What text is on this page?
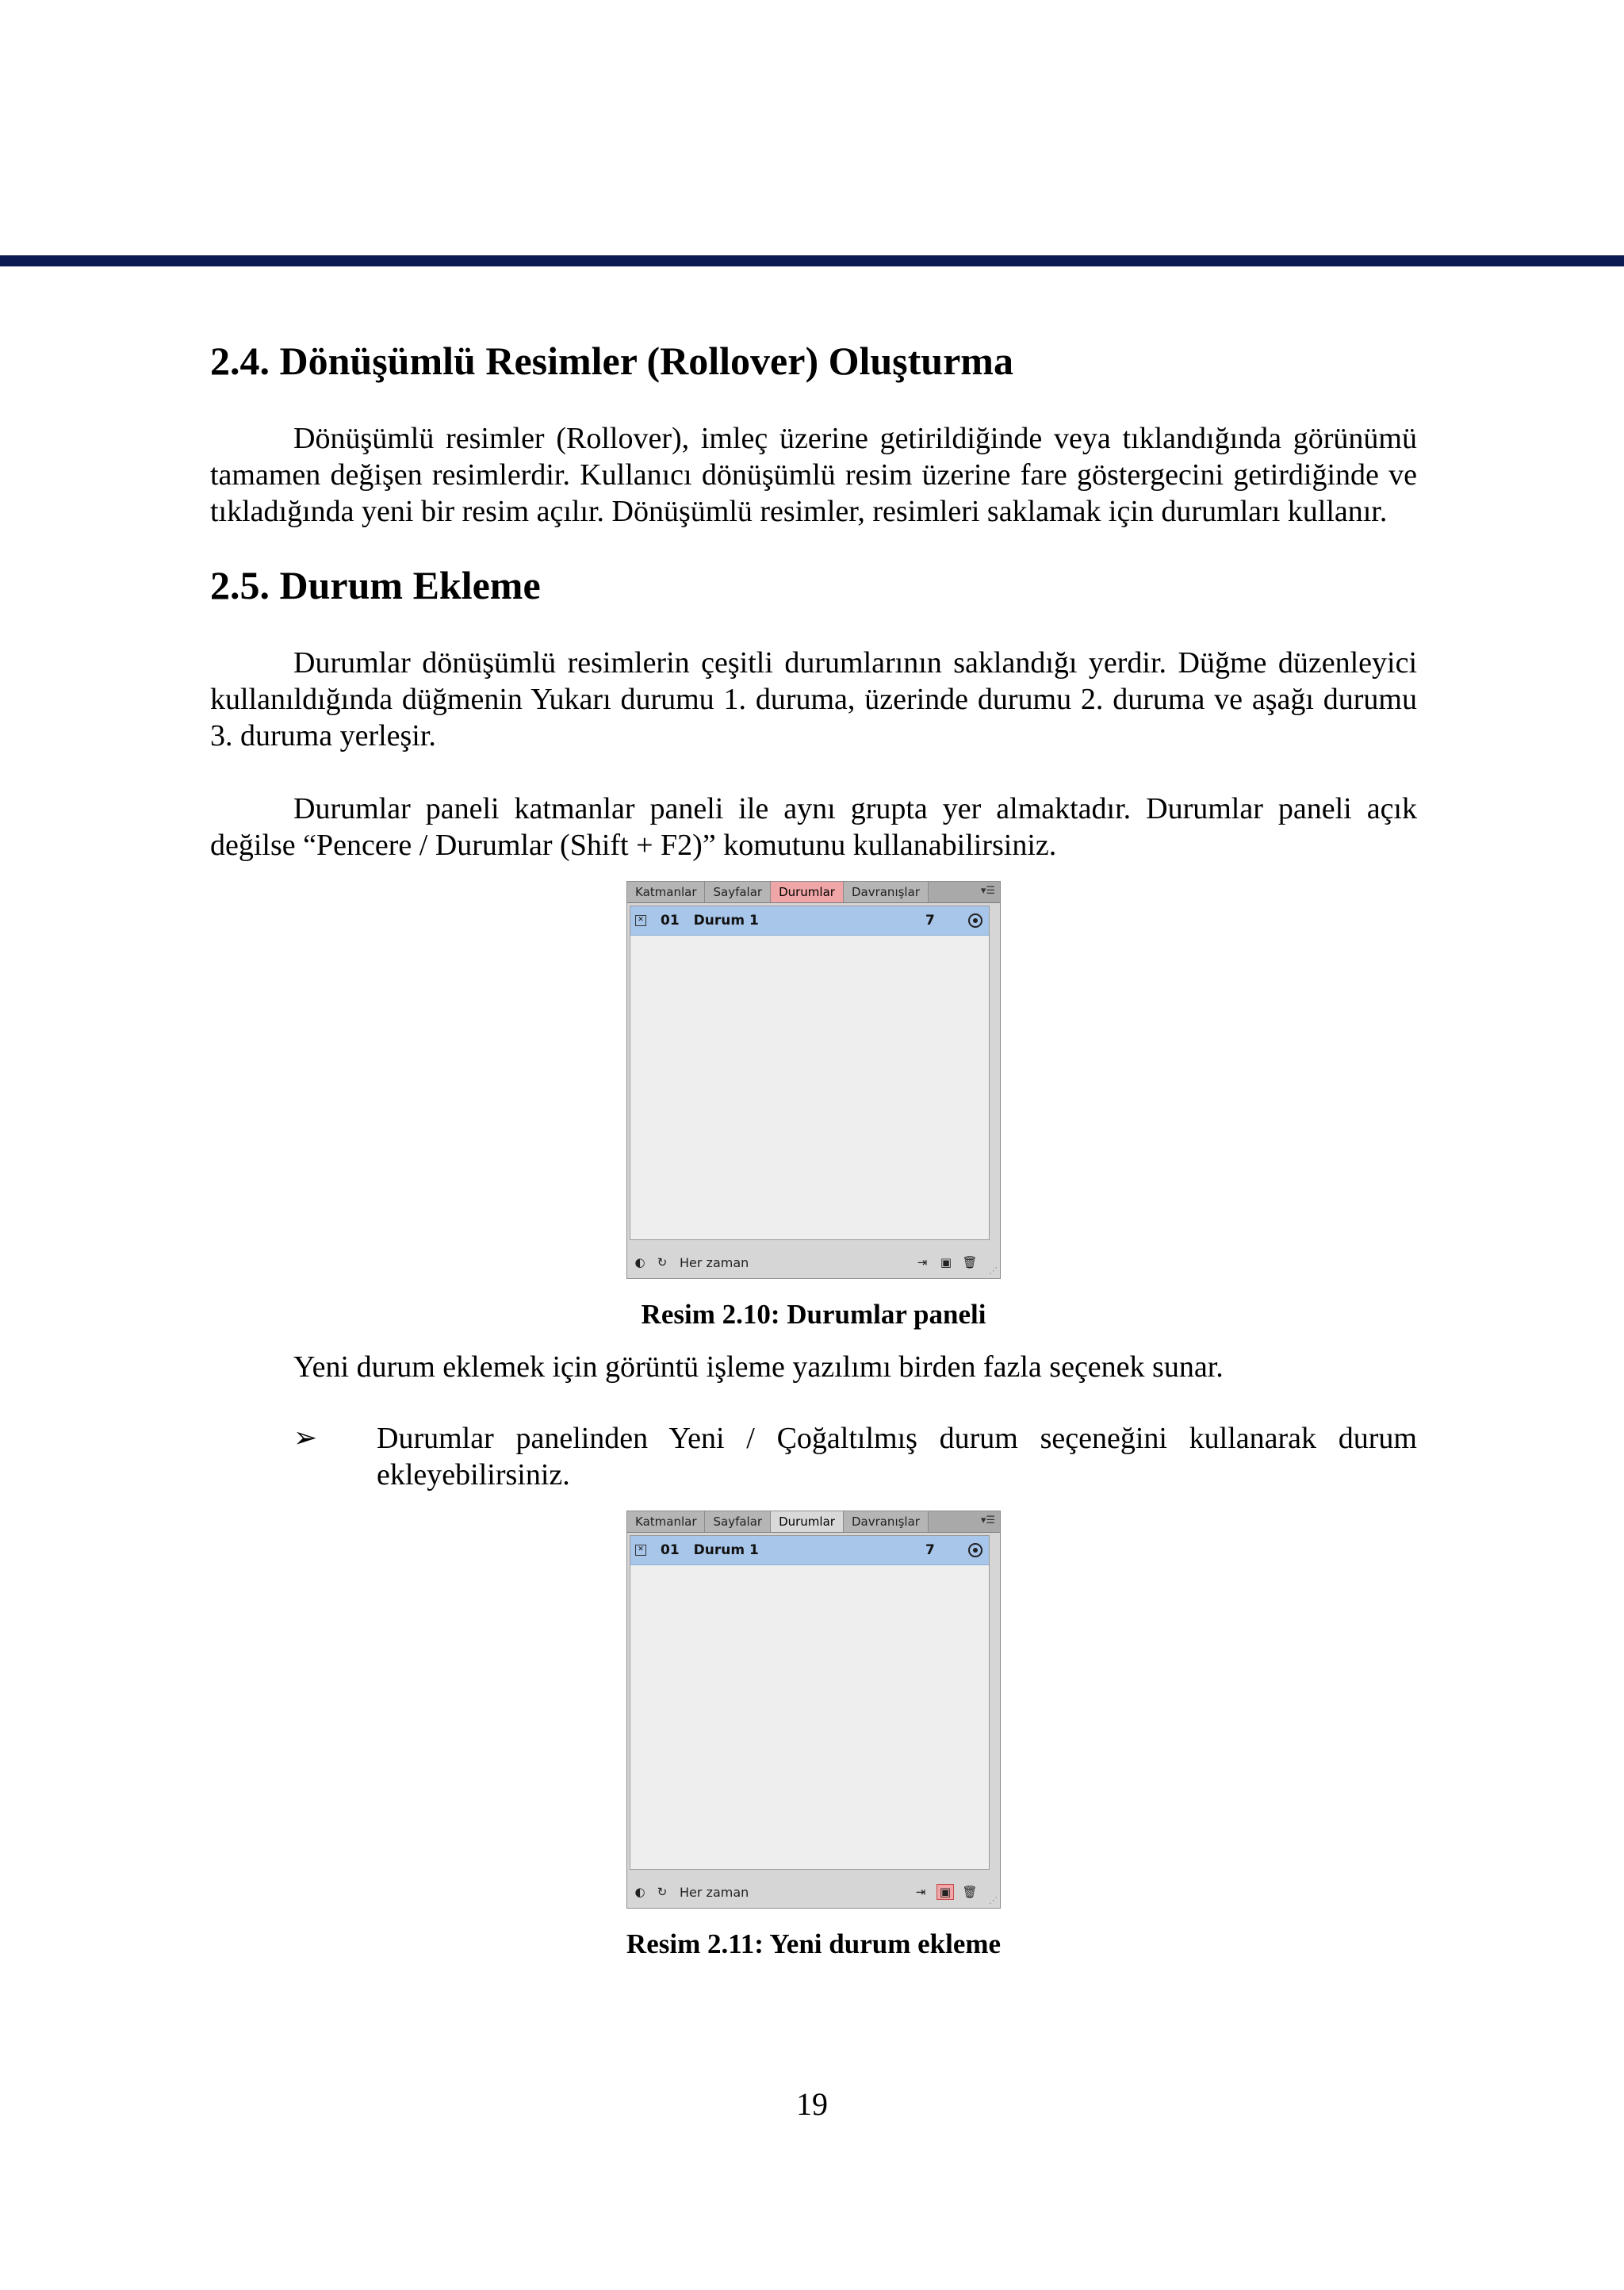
2.4. Dönüşümlü Resimler (Rollover) Oluşturma

Dönüşümlü resimler (Rollover), imleç üzerine getirildiğinde veya tıklandığında görünümü tamamen değişen resimlerdir. Kullanıcı dönüşümlü resim üzerine fare göstergecini getirdiğinde ve tıkladığında yeni bir resim açılır. Dönüşümlü resimler, resimleri saklamak için durumları kullanır.

2.5. Durum Ekleme

Durumlar dönüşümlü resimlerin çeşitli durumlarının saklandığı yerdir. Düğme düzenleyici kullanıldığında düğmenin Yukarı durumu 1. duruma, üzerinde durumu 2. duruma ve aşağı durumu 3. duruma yerleşir.

Durumlar paneli katmanlar paneli ile aynı grupta yer almaktadır. Durumlar paneli açık değilse “Pencere / Durumlar (Shift + F2)” komutunu kullanabilirsiniz.

Katmanlar	Sayfalar	Durumlar	Davranışlar	▾☰
✕ 01 Durum 1	7
◐ ↻ Her zaman	⇥ ▣ 🗑
⋰

Resim 2.10: Durumlar paneli

Yeni durum eklemek için görüntü işleme yazılımı birden fazla seçenek sunar.

➢	Durumlar panelinden Yeni / Çoğaltılmış durum seçeneğini kullanarak durum ekleyebilirsiniz.

Katmanlar	Sayfalar	Durumlar	Davranışlar	▾☰
✕ 01 Durum 1	7
◐ ↻ Her zaman	⇥ ▣ 🗑
⋰

Resim 2.11: Yeni durum ekleme

19
